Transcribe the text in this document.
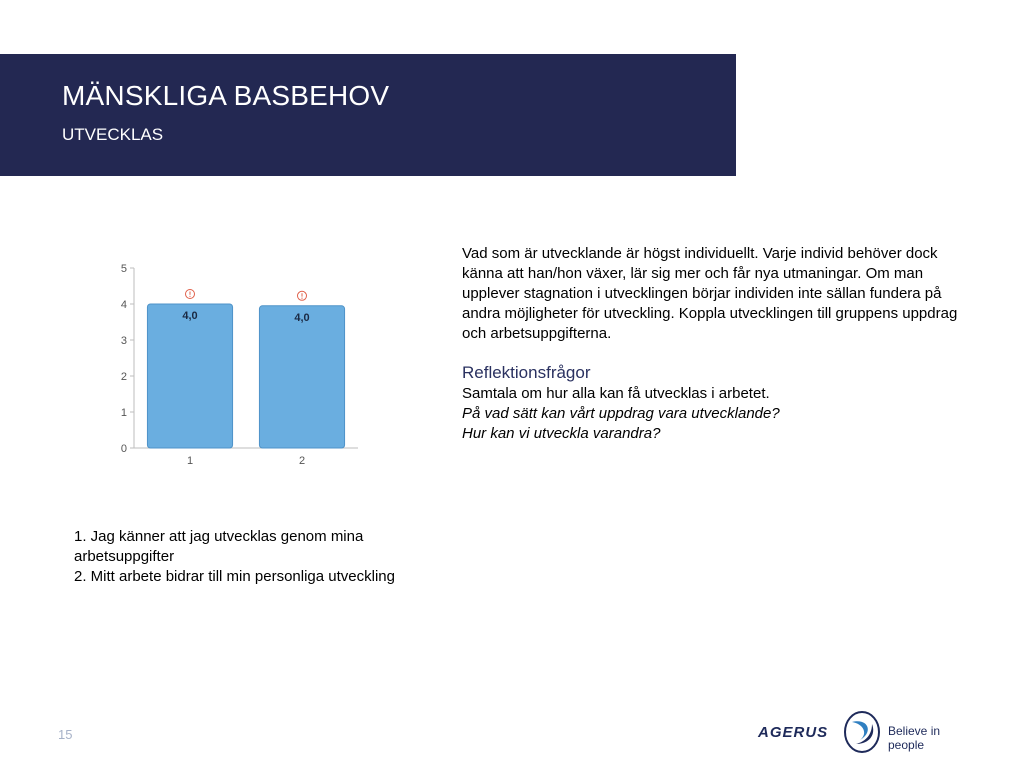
MÄNSKLIGA BASBEHOV
UTVECKLAS
0
1
2
3
4
5
4,0
1
4,0
2
1. Jag känner att jag utvecklas genom mina arbetsuppgifter
2. Mitt arbete bidrar till min personliga utveckling

Vad som är utvecklande är högst individuellt. Varje individ behöver dock känna att han/hon växer, lär sig mer och får nya utmaningar. Om man upplever stagnation i utvecklingen börjar individen inte sällan fundera på andra möjligheter för utveckling. Koppla utvecklingen till gruppens uppdrag och arbetsuppgifterna.

Reflektionsfrågor
Samtala om hur alla kan få utvecklas i arbetet.
På vad sätt kan vårt uppdrag vara utvecklande?
Hur kan vi utveckla varandra?
15	AGERUS	Believe in people
